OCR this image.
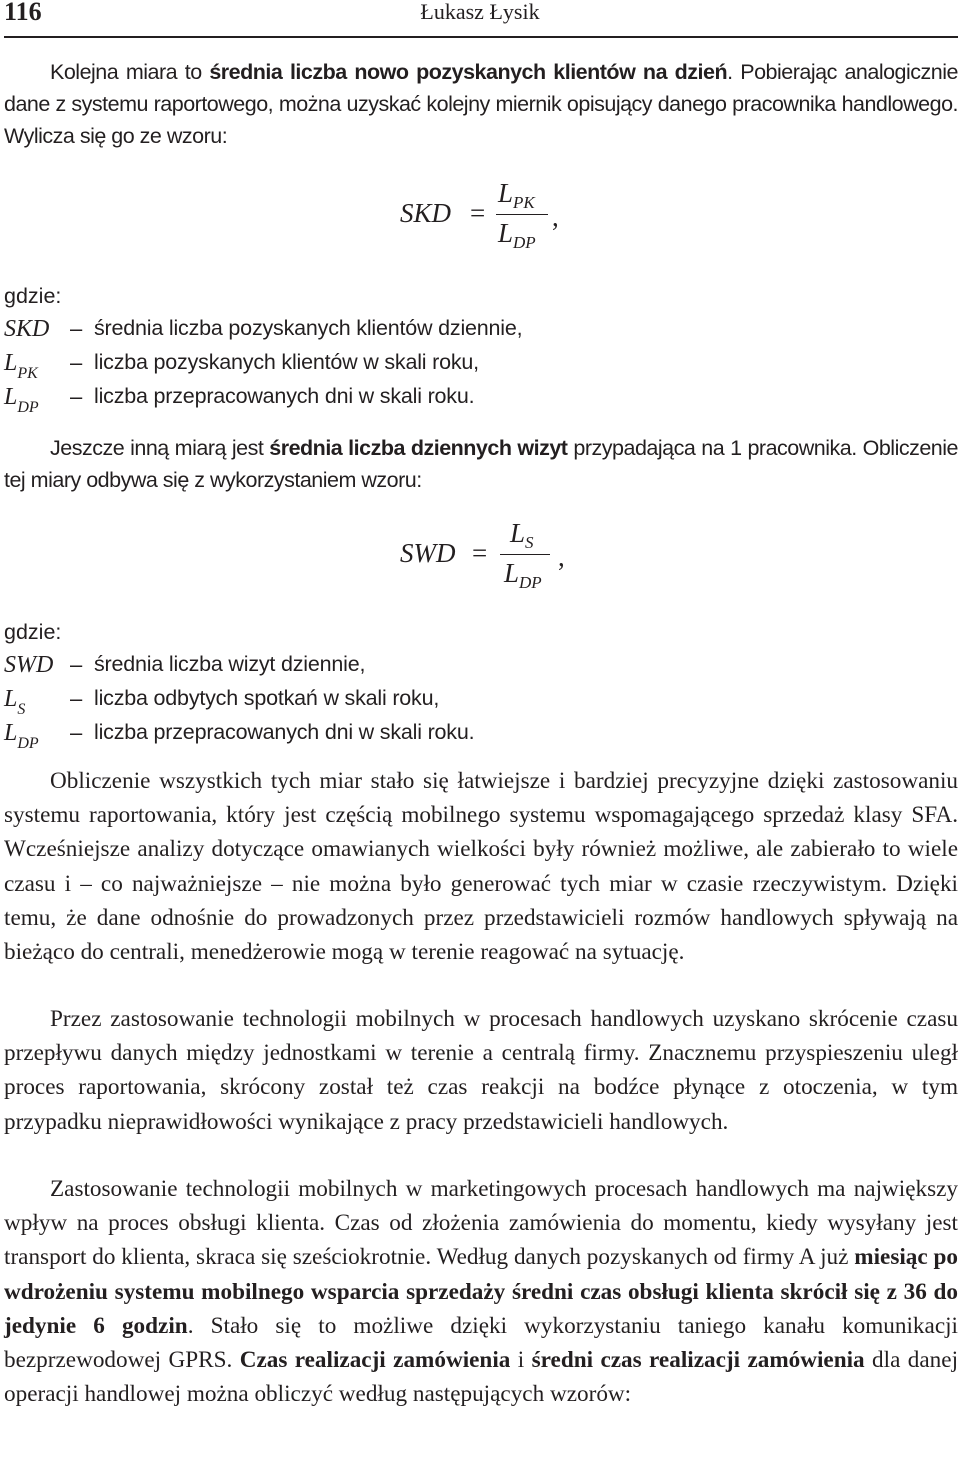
116	Łukasz Łysik

Kolejna miara to średnia liczba nowo pozyskanych klientów na dzień. Pobierając analogicznie dane z systemu raportowego, można uzyskać kolejny miernik opisujący danego pracownika handlowego. Wylicza się go ze wzoru:

SKD =
$L_{PK}$
$L_{DP}$
,
gdzie:
SKD – średnia liczba pozyskanych klientów dziennie,
$L_{PK}$ – liczba pozyskanych klientów w skali roku,
$L_{DP}$ – liczba przepracowanych dni w skali roku.

Jeszcze inną miarą jest średnia liczba dziennych wizyt przypadająca na 1 pracownika. Obliczenie tej miary odbywa się z wykorzystaniem wzoru:

SWD =
$L_S$
$L_{DP}$
,
gdzie:
SWD – średnia liczba wizyt dziennie,
$L_S$ – liczba odbytych spotkań w skali roku,
$L_{DP}$ – liczba przepracowanych dni w skali roku.

Obliczenie wszystkich tych miar stało się łatwiejsze i bardziej precyzyjne dzięki zastosowaniu systemu raportowania, który jest częścią mobilnego systemu wspomagającego sprzedaż klasy SFA. Wcześniejsze analizy dotyczące omawianych wielkości były również możliwe, ale zabierało to wiele czasu i – co najważniejsze – nie można było generować tych miar w czasie rzeczywistym. Dzięki temu, że dane odnośnie do prowadzonych przez przedstawicieli rozmów handlowych spływają na bieżąco do centrali, menedżerowie mogą w terenie reagować na sytuację.

Przez zastosowanie technologii mobilnych w procesach handlowych uzyskano skrócenie czasu przepływu danych między jednostkami w terenie a centralą firmy. Znacznemu przyspieszeniu uległ proces raportowania, skrócony został też czas reakcji na bodźce płynące z otoczenia, w tym przypadku nieprawidłowości wynikające z pracy przedstawicieli handlowych.

Zastosowanie technologii mobilnych w marketingowych procesach handlowych ma największy wpływ na proces obsługi klienta. Czas od złożenia zamówienia do momentu, kiedy wysyłany jest transport do klienta, skraca się sześciokrotnie. Według danych pozyskanych od firmy A już miesiąc po wdrożeniu systemu mobilnego wsparcia sprzedaży średni czas obsługi klienta skrócił się z 36 do jedynie 6 godzin. Stało się to możliwe dzięki wykorzystaniu taniego kanału komunikacji bezprzewodowej GPRS. Czas realizacji zamówienia i średni czas realizacji zamówienia dla danej operacji handlowej można obliczyć według następujących wzorów:
